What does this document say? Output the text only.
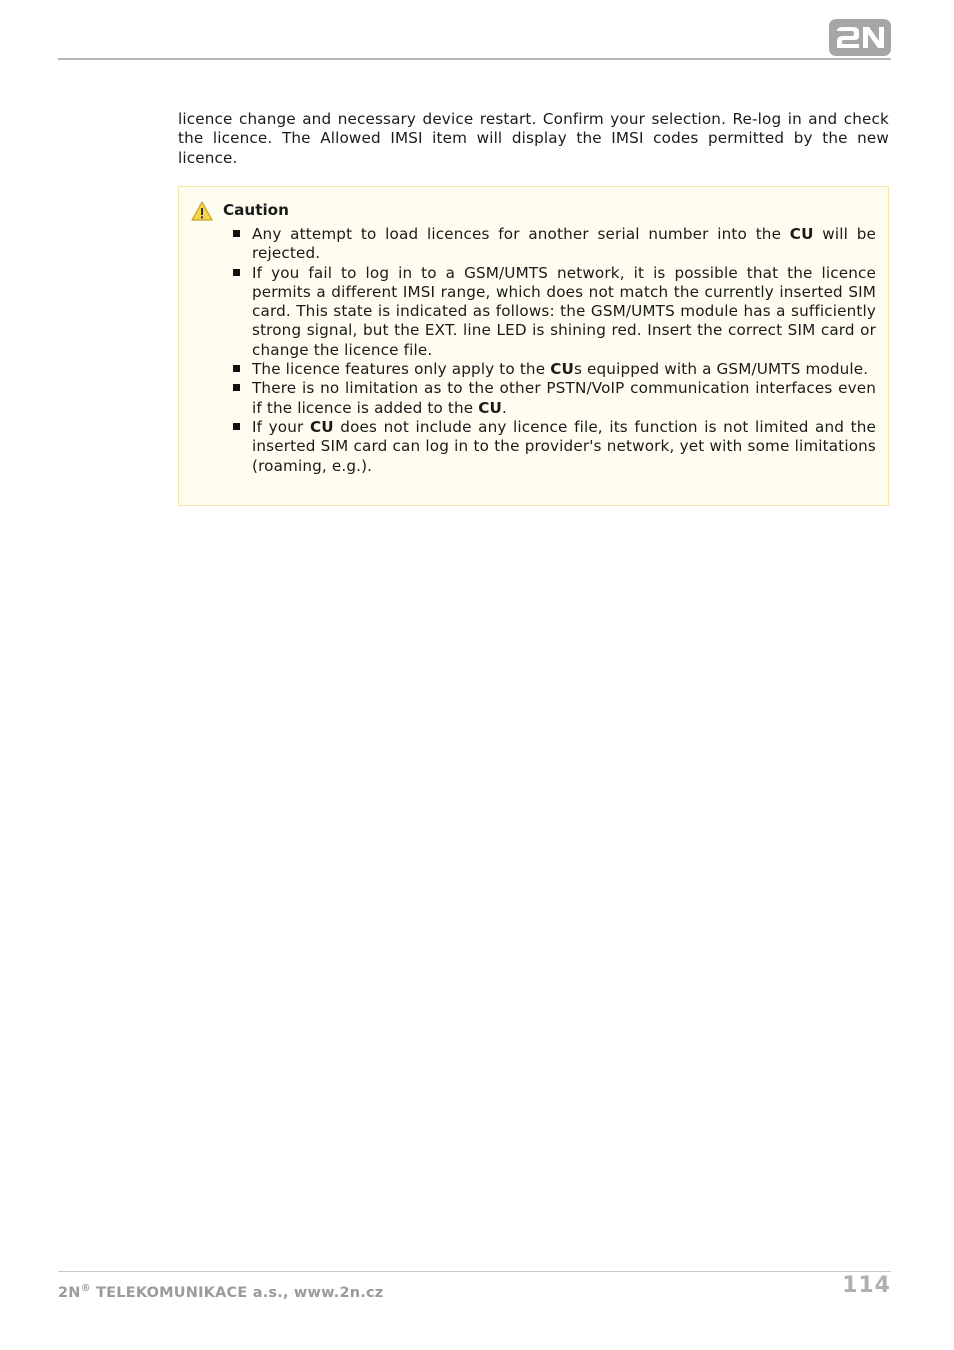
licence change and necessary device restart. Confirm your selection. Re-log in and check the licence. The Allowed IMSI item will display the IMSI codes permitted by the new licence.

Caution
Any attempt to load licences for another serial number into the CU will be rejected.
If you fail to log in to a GSM/UMTS network, it is possible that the licence permits a different IMSI range, which does not match the currently inserted SIM card. This state is indicated as follows: the GSM/UMTS module has a sufficiently strong signal, but the EXT. line LED is shining red. Insert the correct SIM card or change the licence file.
The licence features only apply to the CUs equipped with a GSM/UMTS module.
There is no limitation as to the other PSTN/VoIP communication interfaces even if the licence is added to the CU.
If your CU does not include any licence file, its function is not limited and the inserted SIM card can log in to the provider's network, yet with some limitations (roaming, e.g.).
2N® TELEKOMUNIKACE a.s., www.2n.cz	114
